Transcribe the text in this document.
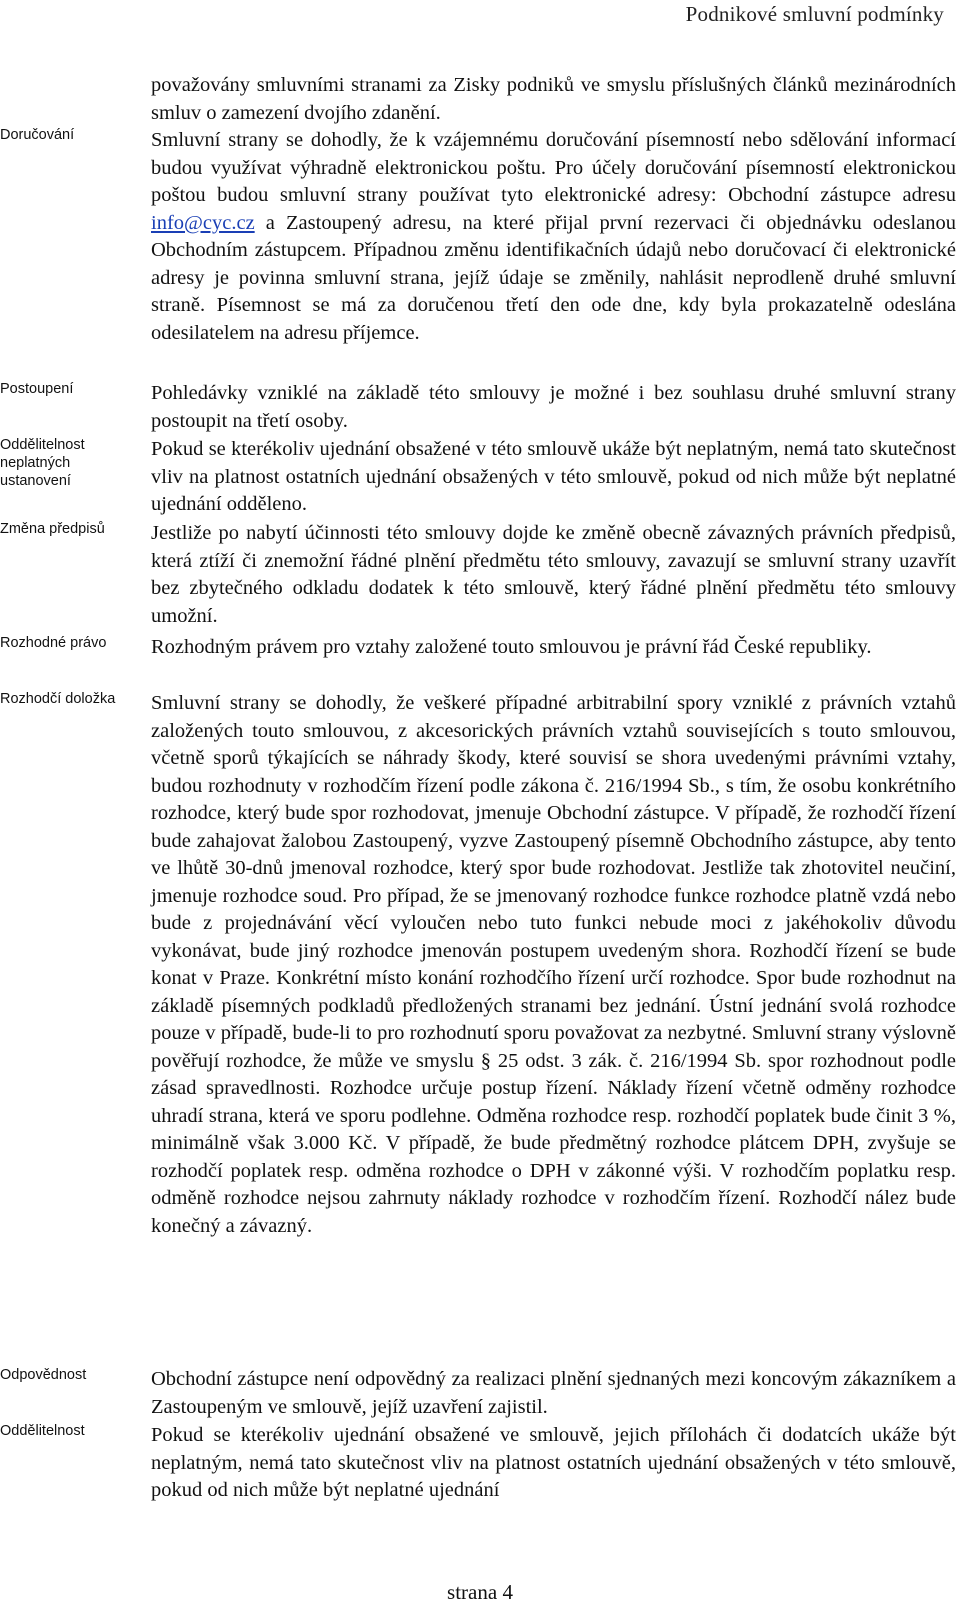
Podnikové smluvní podmínky
Doručování
Postoupení
Oddělitelnost neplatných ustanovení
Změna předpisů
Rozhodné právo
Rozhodčí doložka
Odpovědnost
Oddělitelnost

považovány smluvními stranami za Zisky podniků ve smyslu příslušných článků mezinárodních smluv o zamezení dvojího zdanění.

Smluvní strany se dohodly, že k vzájemnému doručování písemností nebo sdělování informací budou využívat výhradně elektronickou poštu. Pro účely doručování písemností elektronickou poštou budou smluvní strany používat tyto elektronické adresy: Obchodní zástupce adresu info@cyc.cz a Zastoupený adresu, na které přijal první rezervaci či objednávku odeslanou Obchodním zástupcem. Případnou změnu identifikačních údajů nebo doručovací či elektronické adresy je povinna smluvní strana, jejíž údaje se změnily, nahlásit neprodleně druhé smluvní straně. Písemnost se má za doručenou třetí den ode dne, kdy byla prokazatelně odeslána odesilatelem na adresu příjemce.

Pohledávky vzniklé na základě této smlouvy je možné i bez souhlasu druhé smluvní strany postoupit na třetí osoby.

Pokud se kterékoliv ujednání obsažené v této smlouvě ukáže být neplatným, nemá tato skutečnost vliv na platnost ostatních ujednání obsažených v této smlouvě, pokud od nich může být neplatné ujednání odděleno.

Jestliže po nabytí účinnosti této smlouvy dojde ke změně obecně závazných právních předpisů, která ztíží či znemožní řádné plnění předmětu této smlouvy, zavazují se smluvní strany uzavřít bez zbytečného odkladu dodatek k této smlouvě, který řádné plnění předmětu této smlouvy umožní.

Rozhodným právem pro vztahy založené touto smlouvou je právní řád České republiky.

Smluvní strany se dohodly, že veškeré případné arbitrabilní spory vzniklé z právních vztahů založených touto smlouvou, z akcesorických právních vztahů souvisejících s touto smlouvou, včetně sporů týkajících se náhrady škody, které souvisí se shora uvedenými právními vztahy, budou rozhodnuty v rozhodčím řízení podle zákona č. 216/1994 Sb., s tím, že osobu konkrétního rozhodce, který bude spor rozhodovat, jmenuje Obchodní zástupce. V případě, že rozhodčí řízení bude zahajovat žalobou Zastoupený, vyzve Zastoupený písemně Obchodního zástupce, aby tento ve lhůtě 30-dnů jmenoval rozhodce, který spor bude rozhodovat. Jestliže tak zhotovitel neučiní, jmenuje rozhodce soud. Pro případ, že se jmenovaný rozhodce funkce rozhodce platně vzdá nebo bude z projednávání věcí vyloučen nebo tuto funkci nebude moci z jakéhokoliv důvodu vykonávat, bude jiný rozhodce jmenován postupem uvedeným shora. Rozhodčí řízení se bude konat v Praze. Konkrétní místo konání rozhodčího řízení určí rozhodce. Spor bude rozhodnut na základě písemných podkladů předložených stranami bez jednání. Ústní jednání svolá rozhodce pouze v případě, bude-li to pro rozhodnutí sporu považovat za nezbytné. Smluvní strany výslovně pověřují rozhodce, že může ve smyslu § 25 odst. 3 zák. č. 216/1994 Sb. spor rozhodnout podle zásad spravedlnosti. Rozhodce určuje postup řízení. Náklady řízení včetně odměny rozhodce uhradí strana, která ve sporu podlehne. Odměna rozhodce resp. rozhodčí poplatek bude činit 3 %, minimálně však 3.000 Kč. V případě, že bude předmětný rozhodce plátcem DPH, zvyšuje se rozhodčí poplatek resp. odměna rozhodce o DPH v zákonné výši. V rozhodčím poplatku resp. odměně rozhodce nejsou zahrnuty náklady rozhodce v rozhodčím řízení. Rozhodčí nález bude konečný a závazný.

Obchodní zástupce není odpovědný za realizaci plnění sjednaných mezi koncovým zákazníkem a Zastoupeným ve smlouvě, jejíž uzavření zajistil.

Pokud se kterékoliv ujednání obsažené ve smlouvě, jejich přílohách či dodatcích ukáže být neplatným, nemá tato skutečnost vliv na platnost ostatních ujednání obsažených v této smlouvě, pokud od nich může být neplatné ujednání

strana 4
